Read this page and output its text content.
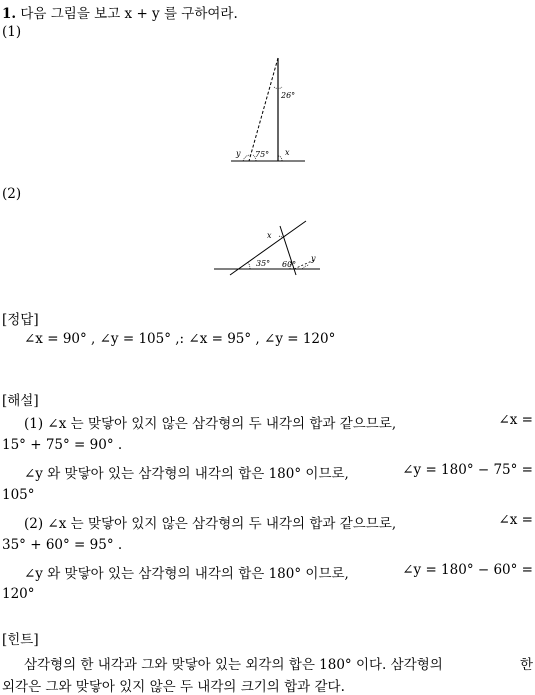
1. 다음 그림을 보고 x + y 를 구하여라.
(1)
26°
y 75° x
(2)
x
35° 60°
y
[정답]
∠x = 90° , ∠y = 105° ,: ∠x = 95° , ∠y = 120°
[해설]
(1) ∠x 는 맞닿아 있지 않은 삼각형의 두 내각의 합과 같으므로,	∠x =
15° + 75° = 90° .
∠y 와 맞닿아 있는 삼각형의 내각의 합은 180° 이므로,	∠y = 180° − 75° =
105°
(2) ∠x 는 맞닿아 있지 않은 삼각형의 두 내각의 합과 같으므로,	∠x =
35° + 60° = 95° .
∠y 와 맞닿아 있는 삼각형의 내각의 합은 180° 이므로,	∠y = 180° − 60° =
120°
[힌트]
삼각형의 한 내각과 그와 맞닿아 있는 외각의 합은 180° 이다. 삼각형의	한
외각은 그와 맞닿아 있지 않은 두 내각의 크기의 합과 같다.
